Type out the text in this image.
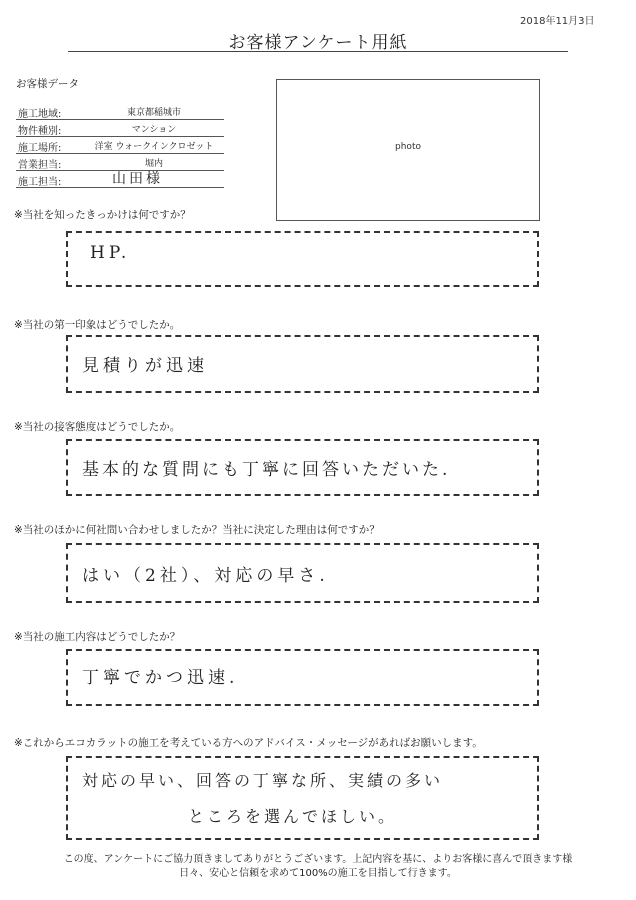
2018年11月3日
お客様アンケート用紙
お客様データ
施工地域:	東京都稲城市
物件種別:	マンション
施工場所:	洋室 ウォークインクロゼット
営業担当:	堀内
施工担当:	山田様
photo
※当社を知ったきっかけは何ですか？
HP.
※当社の第一印象はどうでしたか。
見積りが迅速
※当社の接客態度はどうでしたか。
基本的な質問にも丁寧に回答いただいた.
※当社のほかに何社問い合わせしましたか？当社に決定した理由は何ですか？
はい（2社）、対応の早さ.
※当社の施工内容はどうでしたか？
丁寧でかつ迅速.
※これからエコカラットの施工を考えている方へのアドバイス・メッセージがあればお願いします。
対応の早い、回答の丁寧な所、実績の多い
ところを選んでほしい。
この度、アンケートにご協力頂きましてありがとうございます。上記内容を基に、よりお客様に喜んで頂きます様
日々、安心と信頼を求めて100%の施工を目指して行きます。
